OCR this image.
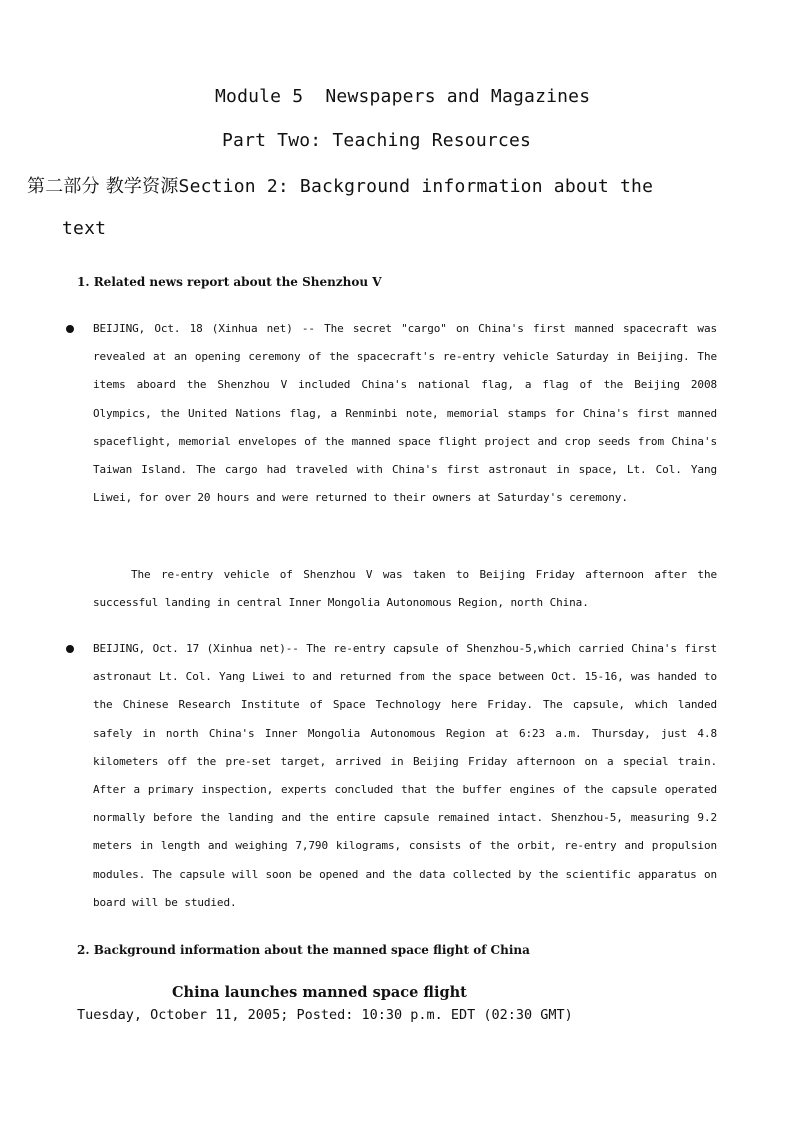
Module 5  Newspapers and Magazines
Part Two: Teaching Resources
第二部分 教学资源Section 2: Background information about the
text
1. Related news report about the Shenzhou V
BEIJING, Oct. 18 (Xinhua net) -- The secret "cargo" on China's first manned spacecraft was revealed at an opening ceremony of the spacecraft's re-entry vehicle Saturday in Beijing. The items aboard the Shenzhou V included China's national flag, a flag of the Beijing 2008 Olympics, the United Nations flag, a Renminbi note, memorial stamps for China's first manned spaceflight, memorial envelopes of the manned space flight project and crop seeds from China's Taiwan Island. The cargo had traveled with China's first astronaut in space, Lt. Col. Yang Liwei, for over 20 hours and were returned to their owners at Saturday's ceremony.
The re-entry vehicle of Shenzhou V was taken to Beijing Friday afternoon after the successful landing in central Inner Mongolia Autonomous Region, north China.
BEIJING, Oct. 17 (Xinhua net)-- The re-entry capsule of Shenzhou-5,which carried China's first astronaut Lt. Col. Yang Liwei to and returned from the space between Oct. 15-16, was handed to the Chinese Research Institute of Space Technology here Friday. The capsule, which landed safely in north China's Inner Mongolia Autonomous Region at 6:23 a.m. Thursday, just 4.8 kilometers off the pre-set target, arrived in Beijing Friday afternoon on a special train. After a primary inspection, experts concluded that the buffer engines of the capsule operated normally before the landing and the entire capsule remained intact. Shenzhou-5, measuring 9.2 meters in length and weighing 7,790 kilograms, consists of the orbit, re-entry and propulsion modules. The capsule will soon be opened and the data collected by the scientific apparatus on board will be studied.
2. Background information about the manned space flight of China
China launches manned space flight
Tuesday, October 11, 2005; Posted: 10:30 p.m. EDT (02:30 GMT)
